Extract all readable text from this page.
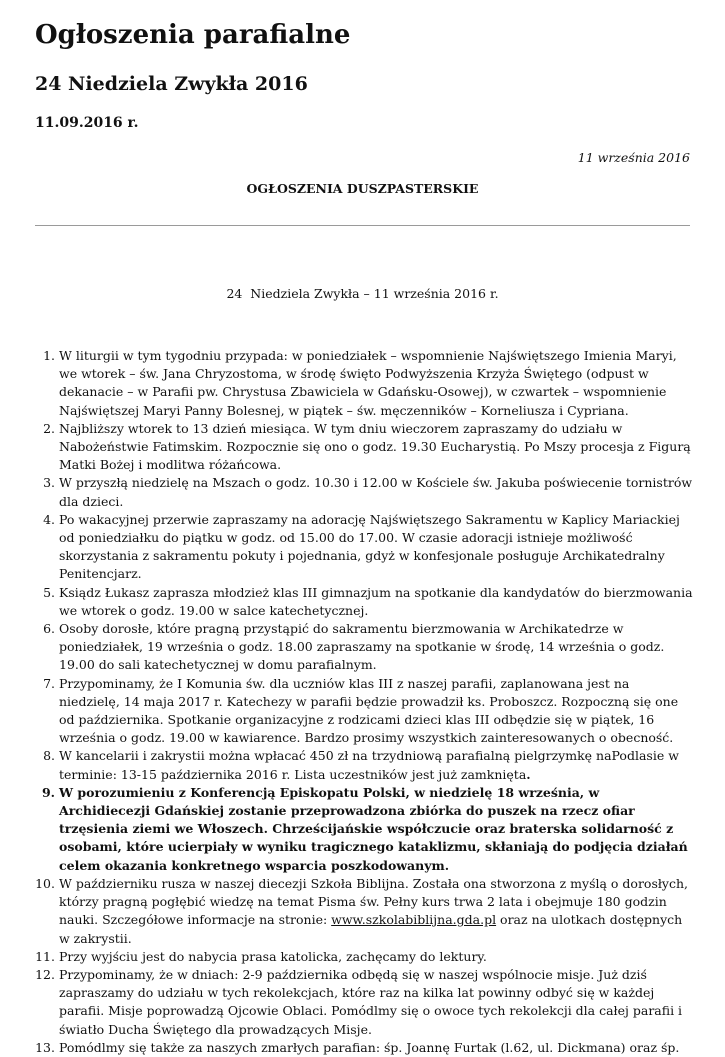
Ogłoszenia parafialne
24 Niedziela Zwykła 2016
11.09.2016 r.
11 września 2016
OGŁOSZENIA DUSZPASTERSKIE
24  Niedziela Zwykła – 11 września 2016 r.
1. W liturgii w tym tygodniu przypada: w poniedziałek – wspomnienie Najświętszego Imienia Maryi, we wtorek – św. Jana Chryzostoma, w środę święto Podwyższenia Krzyża Świętego (odpust w dekanacie – w Parafii pw. Chrystusa Zbawiciela w Gdańsku-Osowej), w czwartek – wspomnienie Najświętszej Maryi Panny Bolesnej, w piątek – św. męczenników – Korneliusza i Cypriana.
2. Najbliższy wtorek to 13 dzień miesiąca. W tym dniu wieczorem zapraszamy do udziału w Nabożeństwie Fatimskim. Rozpocznie się ono o godz. 19.30 Eucharystią. Po Mszy procesja z Figurą Matki Bożej i modlitwa różańcowa.
3. W przyszłą niedzielę na Mszach o godz. 10.30 i 12.00 w Kościele św. Jakuba poświecenie tornistrów dla dzieci.
4. Po wakacyjnej przerwie zapraszamy na adorację Najświętszego Sakramentu w Kaplicy Mariackiej od poniedziałku do piątku w godz. od 15.00 do 17.00. W czasie adoracji istnieje możliwość skorzystania z sakramentu pokuty i pojednania, gdyż w konfesjonale posługuje Archikatedralny Penitencjarz.
5. Ksiądz Łukasz zaprasza młodzież klas III gimnazjum na spotkanie dla kandydatów do bierzmowania we wtorek o godz. 19.00 w salce katechetycznej.
6. Osoby dorosłe, które pragną przystąpić do sakramentu bierzmowania w Archikatedrze w poniedziałek, 19 września o godz. 18.00 zapraszamy na spotkanie w środę, 14 września o godz. 19.00 do sali katechetycznej w domu parafialnym.
7. Przypominamy, że I Komunia św. dla uczniów klas III z naszej parafii, zaplanowana jest na niedzielę, 14 maja 2017 r. Katechezy w parafii będzie prowadził ks. Proboszcz. Rozpoczną się one od października. Spotkanie organizacyjne z rodzicami dzieci klas III odbędzie się w piątek, 16 września o godz. 19.00 w kawiarence. Bardzo prosimy wszystkich zainteresowanych o obecność.
8. W kancelarii i zakrystii można wpłacać 450 zł na trzydniową parafialną pielgrzymkę naPodlasie w terminie: 13-15 października 2016 r. Lista uczestników jest już zamknięta.
9. W porozumieniu z Konferencją Episkopatu Polski, w niedzielę 18 września, w Archidiecezji Gdańskiej zostanie przeprowadzona zbiórka do puszek na rzecz ofiar trzęsienia ziemi we Włoszech. Chrześcijańskie współczucie oraz braterska solidarność z osobami, które ucierpiały w wyniku tragicznego kataklizmu, skłaniają do podjęcia działań celem okazania konkretnego wsparcia poszkodowanym.
10. W październiku rusza w naszej diecezji Szkoła Biblijna. Została ona stworzona z myślą o dorosłych, którzy pragną pogłębić wiedzę na temat Pisma św. Pełny kurs trwa 2 lata i obejmuje 180 godzin nauki. Szczegółowe informacje na stronie: www.szkolabiblijna.gda.pl oraz na ulotkach dostępnych w zakrystii.
11. Przy wyjściu jest do nabycia prasa katolicka, zachęcamy do lektury.
12. Przypominamy, że w dniach: 2-9 października odbędą się w naszej wspólnocie misje. Już dziś zapraszamy do udziału w tych rekolekcjach, które raz na kilka lat powinny odbyć się w każdej parafii. Misje poprowadzą Ojcowie Oblaci. Pomódlmy się o owoce tych rekolekcji dla całej parafii i światło Ducha Świętego dla prowadzących Misje.
13. Pomódlmy się także za naszych zmarłych parafian: śp. Joannę Furtak (l.62, ul. Dickmana) oraz śp.
